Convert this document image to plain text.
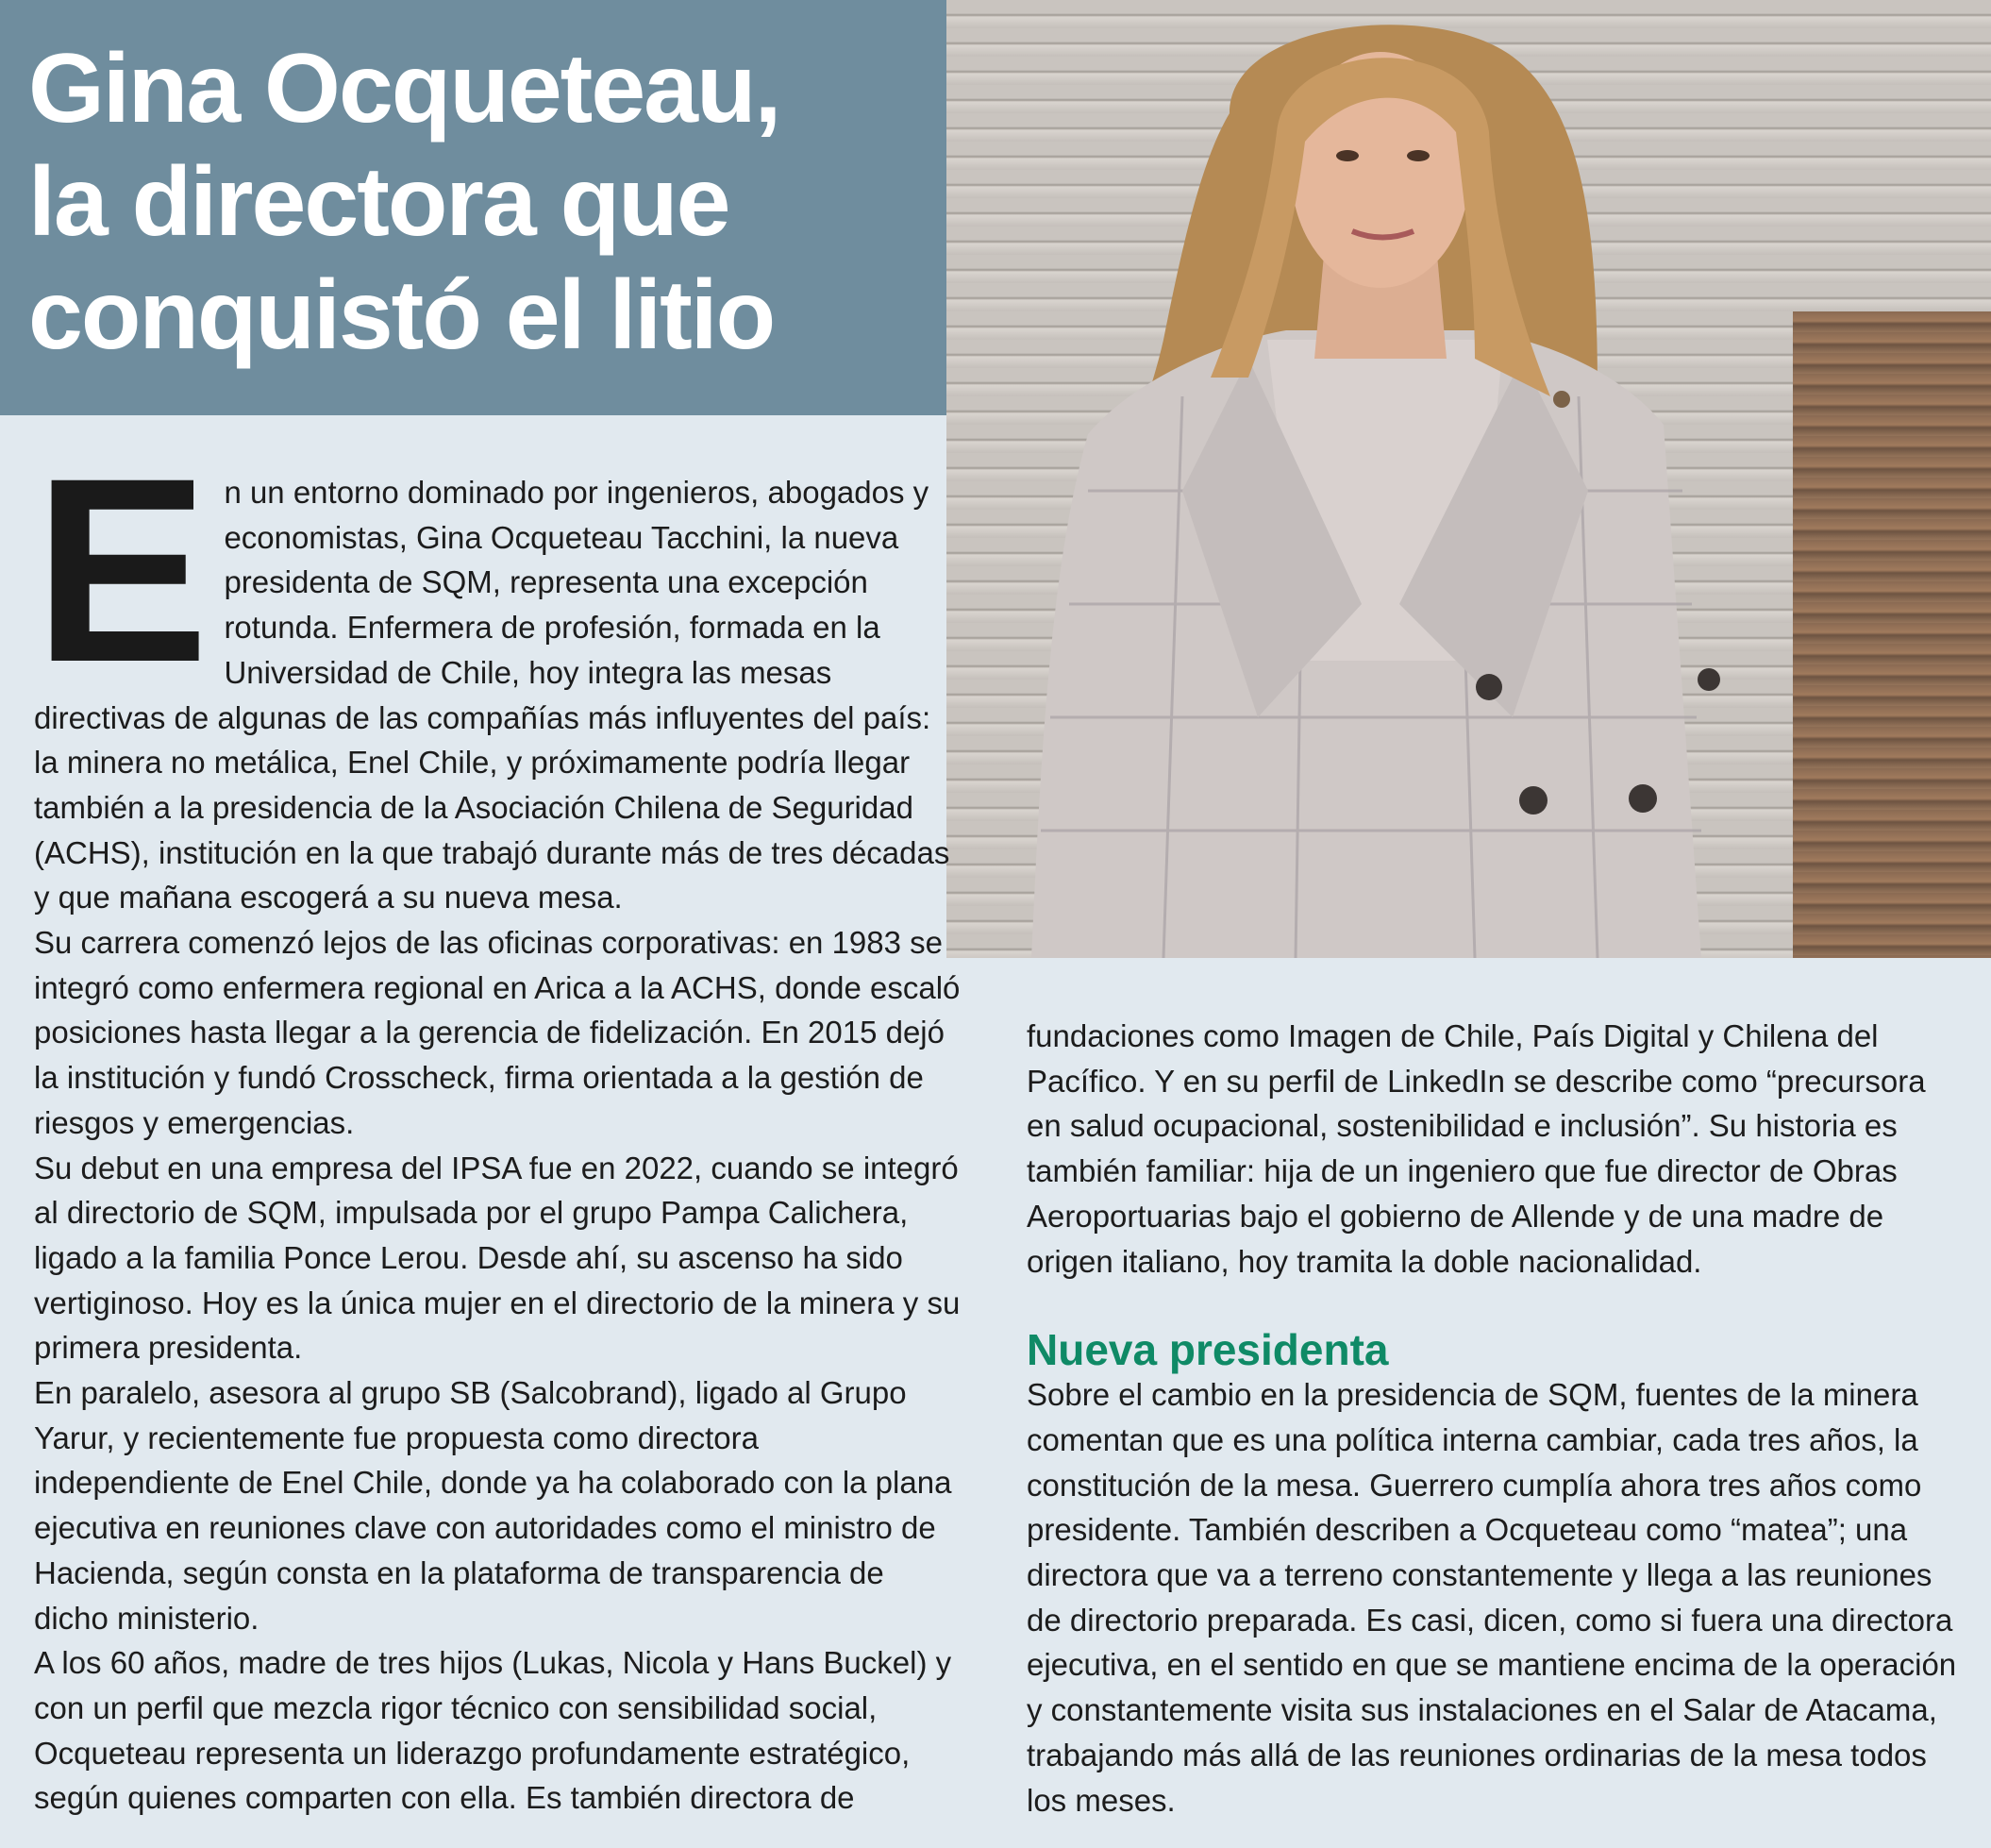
Gina Ocqueteau,
la directora que
conquistó el litio

E n un entorno dominado por ingenieros, abogados y economistas, Gina Ocqueteau Tacchini, la nueva presidenta de SQM, representa una excepción rotunda. Enfermera de profesión, formada en la Universidad de Chile, hoy integra las mesas directivas de algunas de las compañías más influyentes del país: la minera no metálica, Enel Chile, y próximamente podría llegar también a la presidencia de la Asociación Chilena de Seguridad (ACHS), institución en la que trabajó durante más de tres décadas y que mañana escogerá a su nueva mesa.

Su carrera comenzó lejos de las oficinas corporativas: en 1983 se integró como enfermera regional en Arica a la ACHS, donde escaló posiciones hasta llegar a la gerencia de fidelización. En 2015 dejó la institución y fundó Crosscheck, firma orientada a la gestión de riesgos y emergencias.

Su debut en una empresa del IPSA fue en 2022, cuando se integró al directorio de SQM, impulsada por el grupo Pampa Calichera, ligado a la familia Ponce Lerou. Desde ahí, su ascenso ha sido vertiginoso. Hoy es la única mujer en el directorio de la minera y su primera presidenta.

En paralelo, asesora al grupo SB (Salcobrand), ligado al Grupo Yarur, y recientemente fue propuesta como directora independiente de Enel Chile, donde ya ha colaborado con la plana ejecutiva en reuniones clave con autoridades como el ministro de Hacienda, según consta en la plataforma de transparencia de dicho ministerio.

A los 60 años, madre de tres hijos (Lukas, Nicola y Hans Buckel) y con un perfil que mezcla rigor técnico con sensibilidad social, Ocqueteau representa un liderazgo profundamente estratégico, según quienes comparten con ella. Es también directora de

fundaciones como Imagen de Chile, País Digital y Chilena del Pacífico. Y en su perfil de LinkedIn se describe como “precursora en salud ocupacional, sostenibilidad e inclusión”. Su historia es también familiar: hija de un ingeniero que fue director de Obras Aeroportuarias bajo el gobierno de Allende y de una madre de origen italiano, hoy tramita la doble nacionalidad.

Nueva presidenta

Sobre el cambio en la presidencia de SQM, fuentes de la minera comentan que es una política interna cambiar, cada tres años, la constitución de la mesa. Guerrero cumplía ahora tres años como presidente. También describen a Ocqueteau como “matea”; una directora que va a terreno constantemente y llega a las reuniones de directorio preparada. Es casi, dicen, como si fuera una directora ejecutiva, en el sentido en que se mantiene encima de la operación y constantemente visita sus instalaciones en el Salar de Atacama, trabajando más allá de las reuniones ordinarias de la mesa todos los meses.
